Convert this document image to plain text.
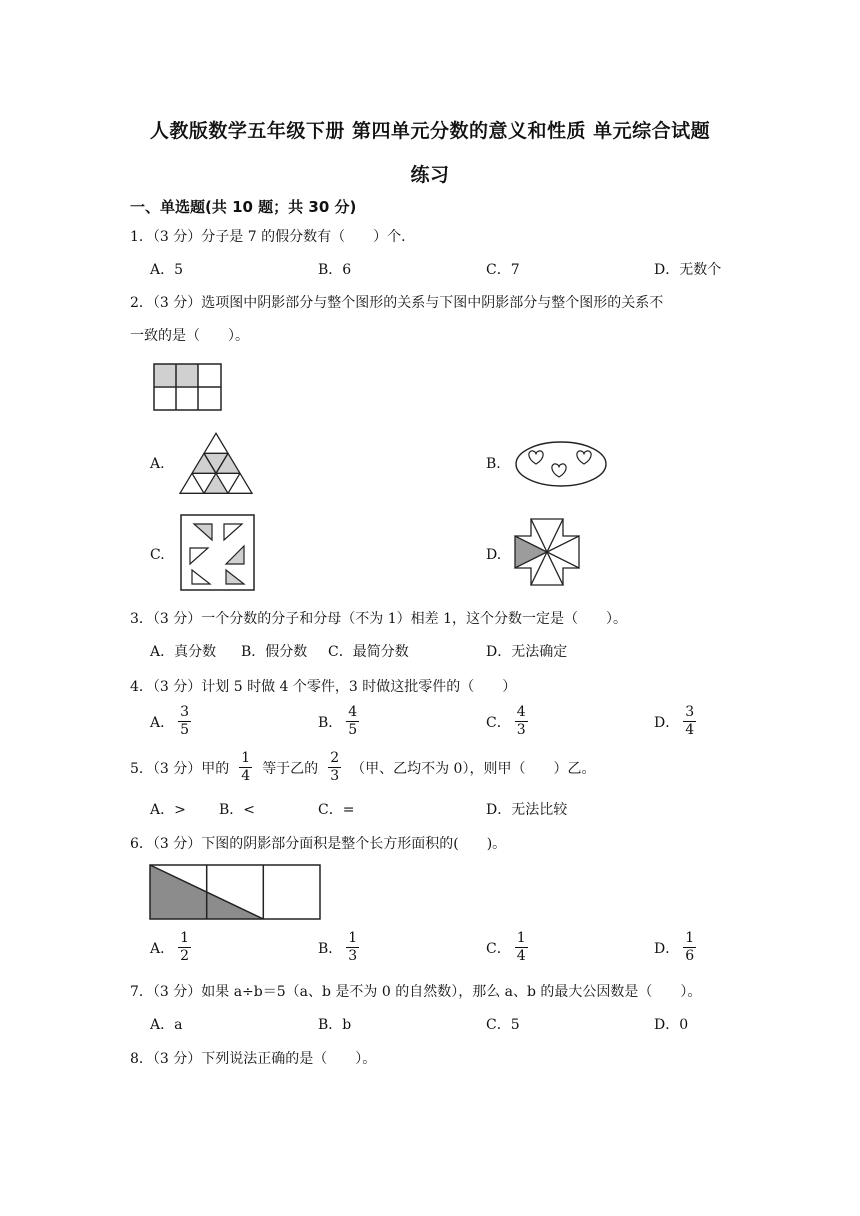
人教版数学五年级下册 第四单元分数的意义和性质 单元综合试题
练习
一、单选题(共 10 题；共 30 分)
1．（3 分）分子是 7 的假分数有（　　）个．
A．5	B．6	C．7	D．无数个
2．（3 分）选项图中阴影部分与整个图形的关系与下图中阴影部分与整个图形的关系不
一致的是（　　）。
A.	B.
C.	D.
3．（3 分）一个分数的分子和分母（不为 1）相差 1，这个分数一定是（　　）。
A．真分数 B．假分数 C．最简分数	D．无法确定
4．（3 分）计划 5 时做 4 个零件，3 时做这批零件的（　　）
A． $\frac{3}{5}$	B． $\frac{4}{5}$	C． $\frac{4}{3}$	D． $\frac{3}{4}$
5．（3 分）甲的 $\frac{1}{4}$ 等于乙的 $\frac{2}{3}$ （甲、乙均不为 0），则甲（　　）乙。
A．> B．<	C．=	D．无法比较
6．（3 分）下图的阴影部分面积是整个长方形面积的(　　)。
A． $\frac{1}{2}$	B． $\frac{1}{3}$	C． $\frac{1}{4}$	D． $\frac{1}{6}$
7．（3 分）如果 a÷b＝5（a、b 是不为 0 的自然数），那么 a、b 的最大公因数是（　　）。
A．a	B．b	C．5	D．0
8．（3 分）下列说法正确的是（　　）。
